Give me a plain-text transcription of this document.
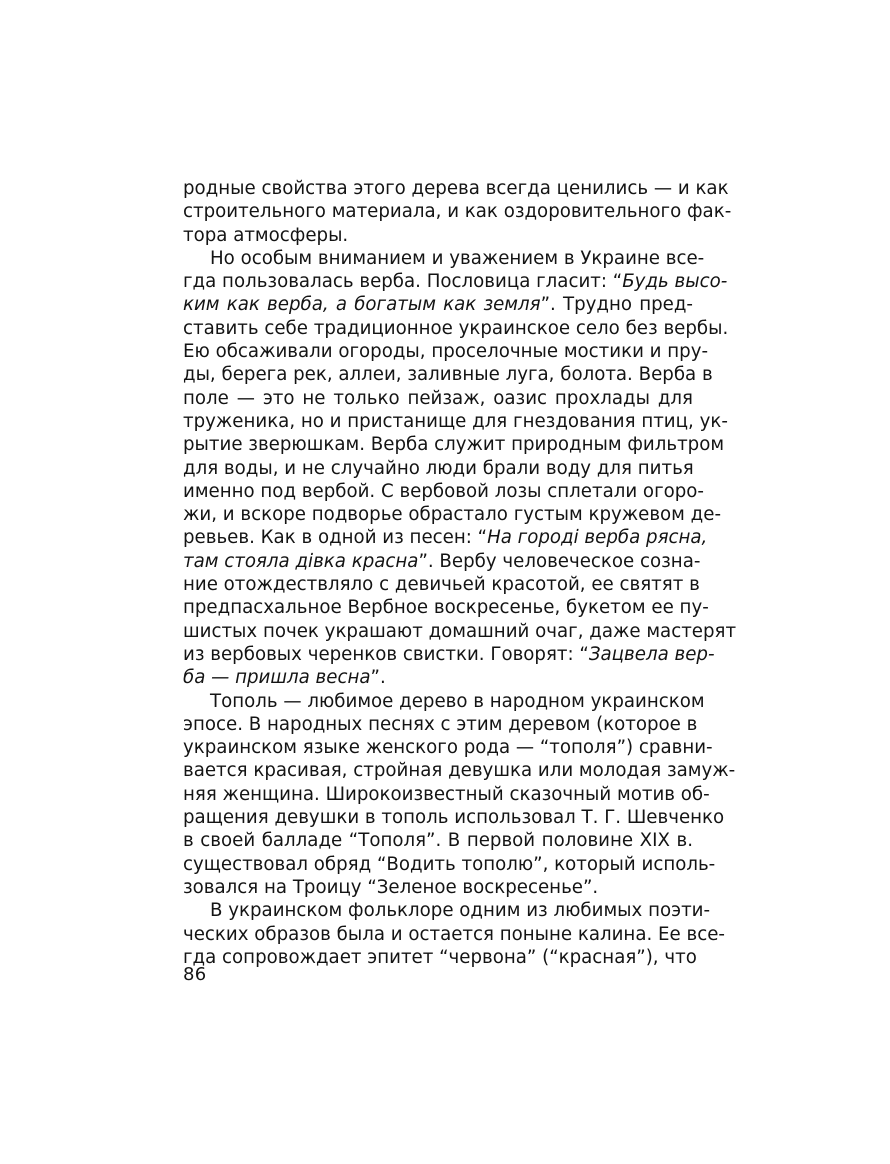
родные свойства этого дерева всегда ценились — и как
строительного материала, и как оздоровительного фак-
тора атмосферы.
Но особым вниманием и уважением в Украине все-
гда пользовалась верба. Пословица гласит: “Будь высо-
ким как верба, а богатым как земля”. Трудно пред-
ставить себе традиционное украинское село без вербы.
Ею обсаживали огороды, проселочные мостики и пру-
ды, берега рек, аллеи, заливные луга, болота. Верба в
поле — это не только пейзаж, оазис прохлады для
труженика, но и пристанище для гнездования птиц, ук-
рытие зверюшкам. Верба служит природным фильтром
для воды, и не случайно люди брали воду для питья
именно под вербой. С вербовой лозы сплетали огоро-
жи, и вскоре подворье обрастало густым кружевом де-
ревьев. Как в одной из песен: “На городі верба рясна,
там стояла дівка красна”. Вербу человеческое созна-
ние отождествляло с девичьей красотой, ее святят в
предпасхальное Вербное воскресенье, букетом ее пу-
шистых почек украшают домашний очаг, даже мастерят
из вербовых черенков свистки. Говорят: “Зацвела вер-
ба — пришла весна”.
Тополь — любимое дерево в народном украинском
эпосе. В народных песнях с этим деревом (которое в
украинском языке женского рода — “тополя”) сравни-
вается красивая, стройная девушка или молодая замуж-
няя женщина. Широкоизвестный сказочный мотив об-
ращения девушки в тополь использовал Т. Г. Шевченко
в своей балладе “Тополя”. В первой половине XIX в.
существовал обряд “Водить тополю”, который исполь-
зовался на Троицу “Зеленое воскресенье”.
В украинском фольклоре одним из любимых поэти-
ческих образов была и остается поныне калина. Ее все-
гда сопровождает эпитет “червона” (“красная”), что
86
